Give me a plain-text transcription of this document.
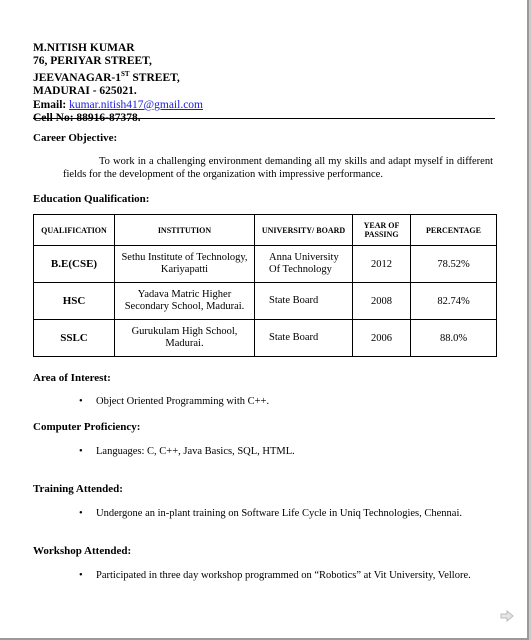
M.NITISH KUMAR
76, PERIYAR STREET,
JEEVANAGAR-1ST STREET,
MADURAI - 625021.
Email: kumar.nitish417@gmail.com
Cell No: 88916-87378.
Career Objective:
To work in a challenging environment demanding all my skills and adapt myself in different fields for the development of the organization with impressive performance.
Education Qualification:
QUALIFICATION	INSTITUTION	UNIVERSITY/ BOARD	YEAR OF PASSING	PERCENTAGE
B.E(CSE)	Sethu Institute of Technology, Kariyapatti	Anna University Of Technology	2012	78.52%
HSC	Yadava Matric Higher Secondary School, Madurai.	State Board	2008	82.74%
SSLC	Gurukulam High School, Madurai.	State Board	2006	88.0%
Area of Interest:
• Object Oriented Programming with C++.
Computer Proficiency:
• Languages: C, C++, Java Basics, SQL, HTML.
Training Attended:
• Undergone an in-plant training on Software Life Cycle in Uniq Technologies, Chennai.
Workshop Attended:
• Participated in three day workshop programmed on “Robotics” at Vit University, Vellore.
